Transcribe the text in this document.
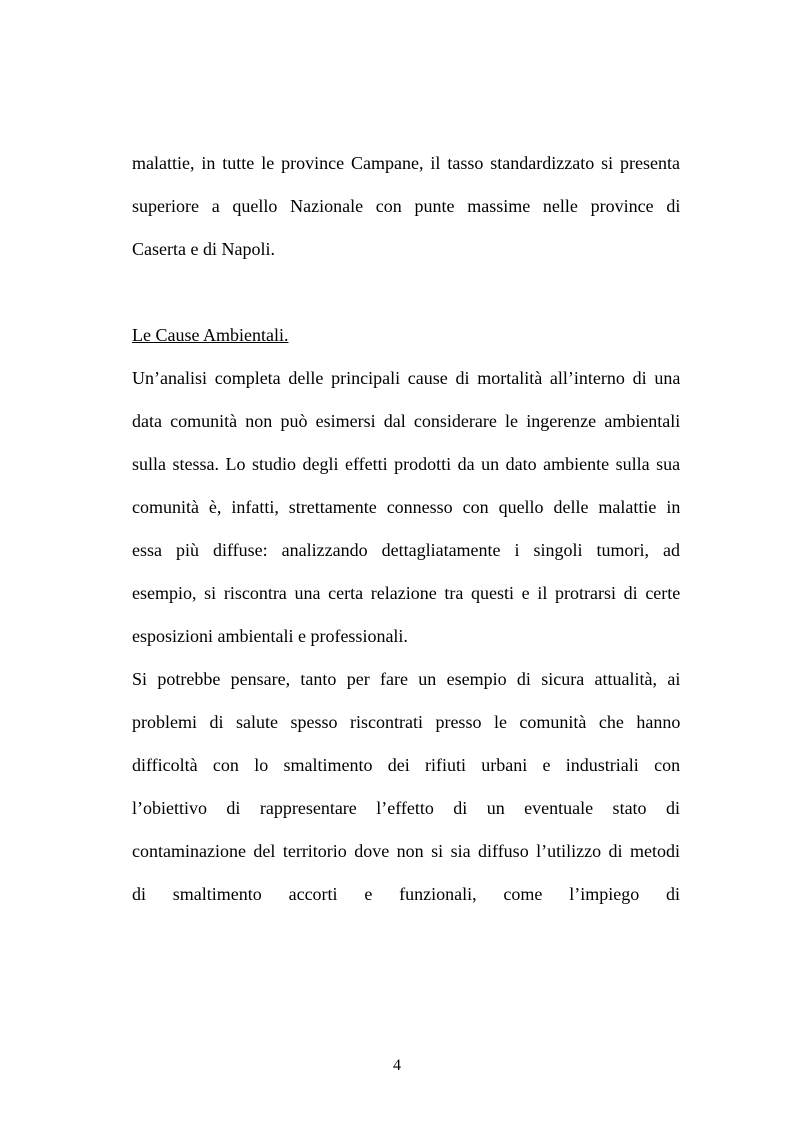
malattie, in tutte le province Campane, il tasso standardizzato si presenta
superiore a quello Nazionale con punte massime nelle province di
Caserta e di Napoli.
Le Cause Ambientali.
Un’analisi completa delle principali cause di mortalità all’interno di una
data comunità non può esimersi dal considerare le ingerenze ambientali
sulla stessa. Lo studio degli effetti prodotti da un dato ambiente sulla sua
comunità è, infatti, strettamente connesso con quello delle malattie in
essa più diffuse: analizzando dettagliatamente i singoli tumori, ad
esempio, si riscontra una certa relazione tra questi e il protrarsi di certe
esposizioni ambientali e professionali.
Si potrebbe pensare, tanto per fare un esempio di sicura attualità, ai
problemi di salute spesso riscontrati presso le comunità che hanno
difficoltà con lo smaltimento dei rifiuti urbani e industriali con
l’obiettivo di rappresentare l’effetto di un eventuale stato di
contaminazione del territorio dove non si sia diffuso l’utilizzo di metodi
di smaltimento accorti e funzionali, come l’impiego di
4
